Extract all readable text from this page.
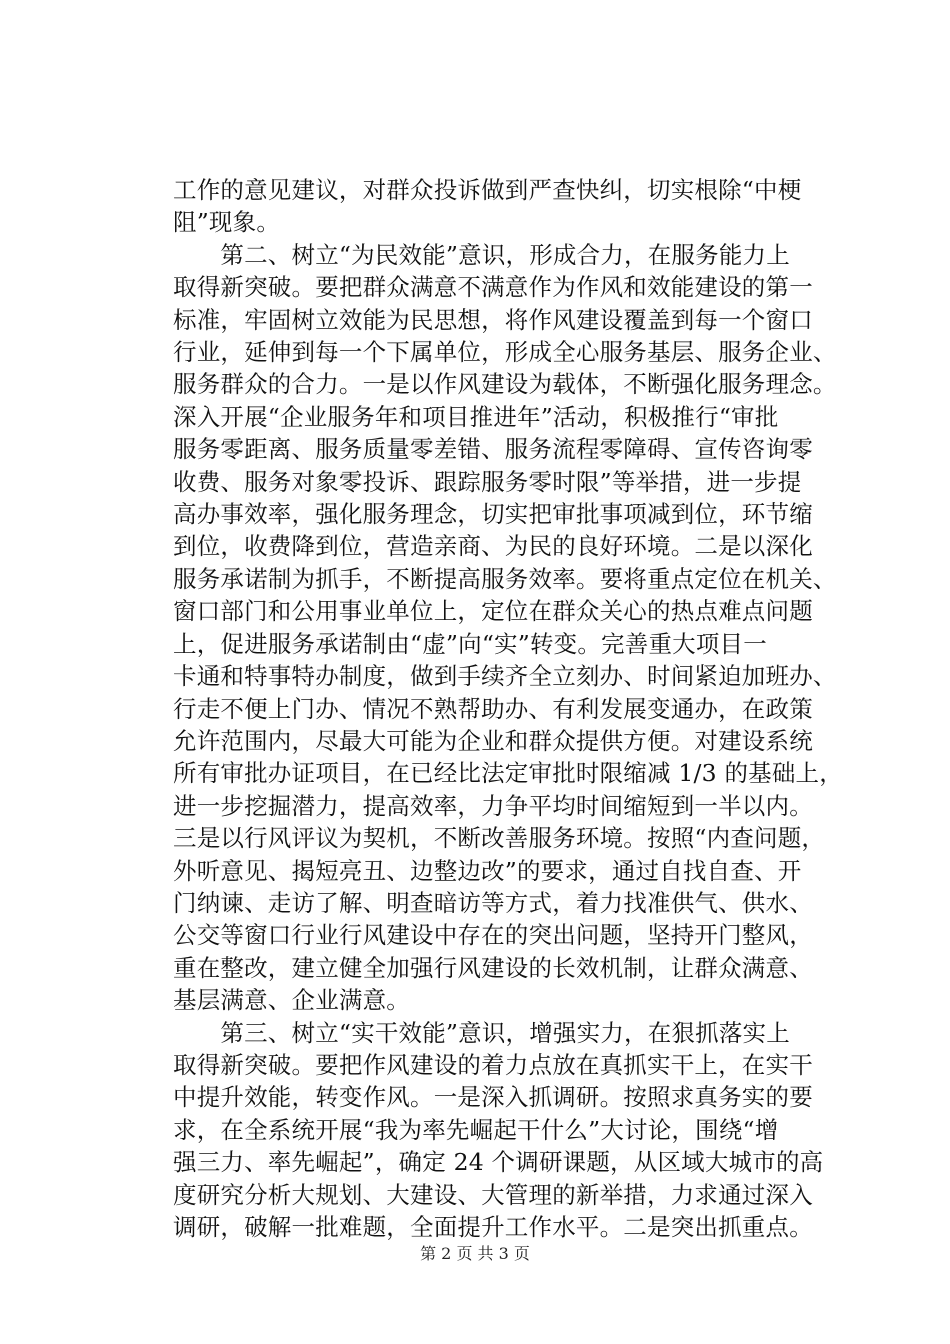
工作的意见建议，对群众投诉做到严查快纠，切实根除“中梗
阻”现象。
　　第二、树立“为民效能”意识，形成合力，在服务能力上
取得新突破。要把群众满意不满意作为作风和效能建设的第一
标准，牢固树立效能为民思想，将作风建设覆盖到每一个窗口
行业，延伸到每一个下属单位，形成全心服务基层、服务企业、
服务群众的合力。一是以作风建设为载体，不断强化服务理念。
深入开展“企业服务年和项目推进年”活动，积极推行“审批
服务零距离、服务质量零差错、服务流程零障碍、宣传咨询零
收费、服务对象零投诉、跟踪服务零时限”等举措，进一步提
高办事效率，强化服务理念，切实把审批事项减到位，环节缩
到位，收费降到位，营造亲商、为民的良好环境。二是以深化
服务承诺制为抓手，不断提高服务效率。要将重点定位在机关、
窗口部门和公用事业单位上，定位在群众关心的热点难点问题
上，促进服务承诺制由“虚”向“实”转变。完善重大项目一
卡通和特事特办制度，做到手续齐全立刻办、时间紧迫加班办、
行走不便上门办、情况不熟帮助办、有利发展变通办，在政策
允许范围内，尽最大可能为企业和群众提供方便。对建设系统
所有审批办证项目，在已经比法定审批时限缩减 1/3 的基础上，
进一步挖掘潜力，提高效率，力争平均时间缩短到一半以内。
三是以行风评议为契机，不断改善服务环境。按照“内查问题，
外听意见、揭短亮丑、边整边改”的要求，通过自找自查、开
门纳谏、走访了解、明查暗访等方式，着力找准供气、供水、
公交等窗口行业行风建设中存在的突出问题，坚持开门整风，
重在整改，建立健全加强行风建设的长效机制，让群众满意、
基层满意、企业满意。
　　第三、树立“实干效能”意识，增强实力，在狠抓落实上
取得新突破。要把作风建设的着力点放在真抓实干上，在实干
中提升效能，转变作风。一是深入抓调研。按照求真务实的要
求，在全系统开展“我为率先崛起干什么”大讨论，围绕“增
强三力、率先崛起”，确定 24 个调研课题，从区域大城市的高
度研究分析大规划、大建设、大管理的新举措，力求通过深入
调研，破解一批难题，全面提升工作水平。二是突出抓重点。
第 2 页 共 3 页
